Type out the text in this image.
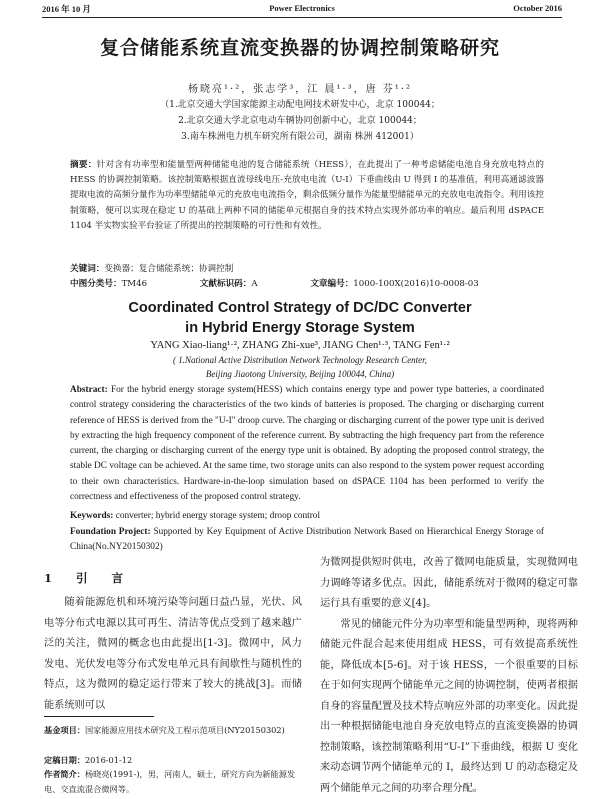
2016 年 10 月	Power Electronics	October 2016
复合储能系统直流变换器的协调控制策略研究
杨晓亮¹·²，张志学³，江 晨¹·³，唐 芬¹·²
（1.北京交通大学国家能源主动配电网技术研发中心，北京 100044；
2.北京交通大学北京电动车辆协同创新中心，北京 100044；
3.南车株洲电力机车研究所有限公司，湖南 株洲 412001）
摘要：针对含有功率型和能量型两种储能电池的复合储能系统（HESS），在此提出了一种考虑储能电池自身充放电特点的 HESS 的协调控制策略。该控制策略根据直流母线电压-充放电电流（U-I）下垂曲线由 U 得到 I 的基准值，利用高通滤波器提取电流的高频分量作为功率型储能单元的充放电电流指令，剩余低频分量作为能量型储能单元的充放电电流指令。利用该控制策略，便可以实现在稳定 U 的基础上两种不同的储能单元根据自身的技术特点实现外部功率的响应。最后利用 dSPACE 1104 半实物实验平台验证了所提出的控制策略的可行性和有效性。
关键词：变换器；复合储能系统；协调控制
中图分类号：TM46	文献标识码：A	文章编号：1000-100X(2016)10-0008-03
Coordinated Control Strategy of DC/DC Converter
in Hybrid Energy Storage System
YANG Xiao-liang¹·², ZHANG Zhi-xue³, JIANG Chen¹·³, TANG Fen¹·²
( 1.National Active Distribution Network Technology Research Center,
Beijing Jiaotong University, Beijing 100044, China)
Abstract: For the hybrid energy storage system(HESS) which contains energy type and power type batteries, a coordinated control strategy considering the characteristics of the two kinds of batteries is proposed. The charging or discharging current reference of HESS is derived from the "U-I" droop curve. The charging or discharging current of the power type unit is derived by extracting the high frequency component of the reference current. By subtracting the high frequency part from the reference current, the charging or discharging current of the energy type unit is obtained. By adopting the proposed control strategy, the stable DC voltage can be achieved. At the same time, two storage units can also respond to the system power request according to their own characteristics. Hardware-in-the-loop simulation based on dSPACE 1104 has been performed to verify the correctness and effectiveness of the proposed control strategy.
Keywords: converter; hybrid energy storage system; droop control
Foundation Project: Supported by Key Equipment of Active Distribution Network Based on Hierarchical Energy Storage of China(No.NY20150302)
1 引 言
随着能源危机和环境污染等问题日益凸显，光伏、风电等分布式电源以其可再生、清洁等优点受到了越来越广泛的关注，微网的概念也由此提出[1-3]。微网中，风力发电、光伏发电等分布式发电单元具有间歇性与随机性的特点，这为微网的稳定运行带来了较大的挑战[3]。而储能系统则可以

为微网提供短时供电，改善了微网电能质量，实现微网电力调峰等诸多优点。因此，储能系统对于微网的稳定可靠运行具有重要的意义[4]。

常见的储能元件分为功率型和能量型两种，现将两种储能元件混合起来使用组成 HESS，可有效提高系统性能，降低成本[5-6]。对于该 HESS，一个很重要的目标在于如何实现两个储能单元之间的协调控制，使两者根据自身的容量配置及技术特点响应外部的功率变化。因此提出一种根据储能电池自身充放电特点的直流变换器的协调控制策略，该控制策略利用“U-I”下垂曲线，根据 U 变化来动态调节两个储能单元的 I，最终达到 U 的动态稳定及两个储能单元之间的功率合理分配。

基金项目：国家能源应用技术研究及工程示范项目(NY20150302)
定稿日期：2016-01-12
作者简介：杨晓亮(1991-)，男，河南人，硕士，研究方向为新能源发电、交直流混合微网等。
